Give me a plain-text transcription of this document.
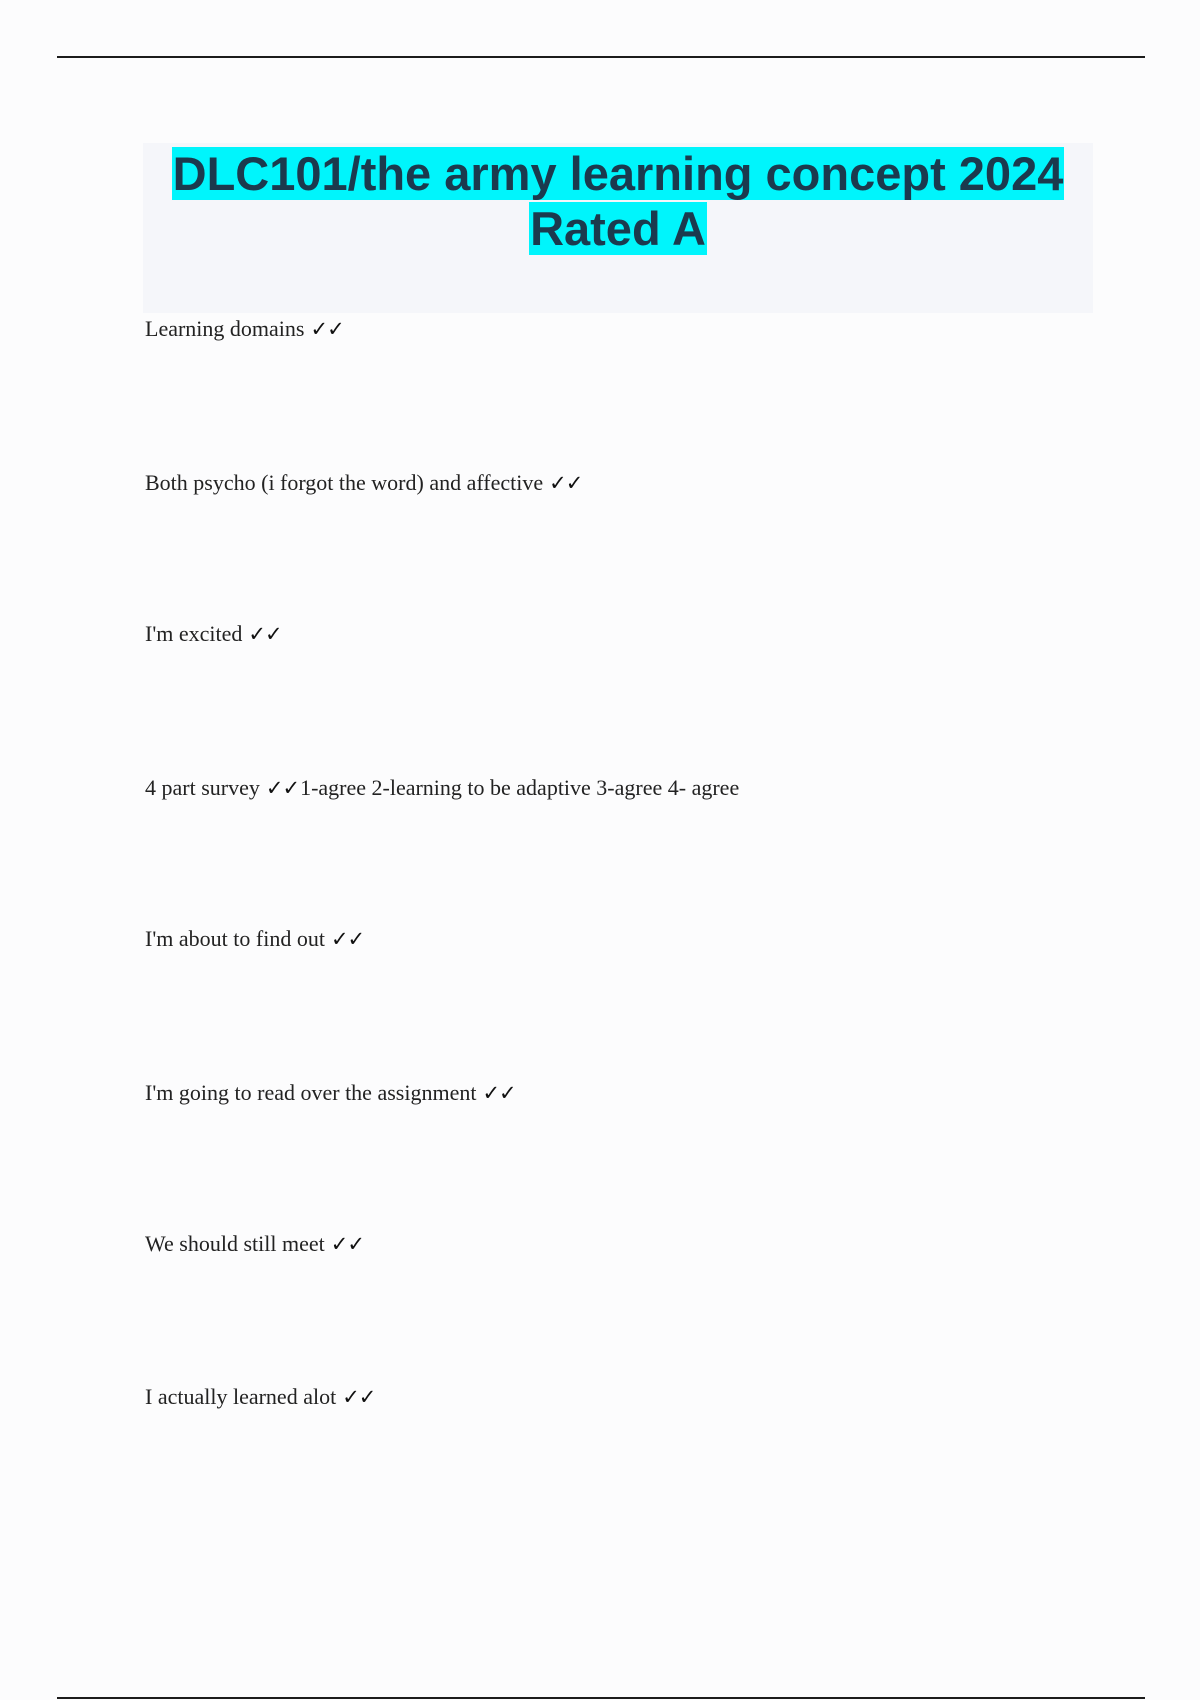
DLC101/the army learning concept 2024
Rated A
Learning domains ✓✓
Both psycho (i forgot the word) and affective ✓✓
I'm excited ✓✓
4 part survey ✓✓1-agree 2-learning to be adaptive 3-agree 4- agree
I'm about to find out ✓✓
I'm going to read over the assignment ✓✓
We should still meet ✓✓
I actually learned alot ✓✓
